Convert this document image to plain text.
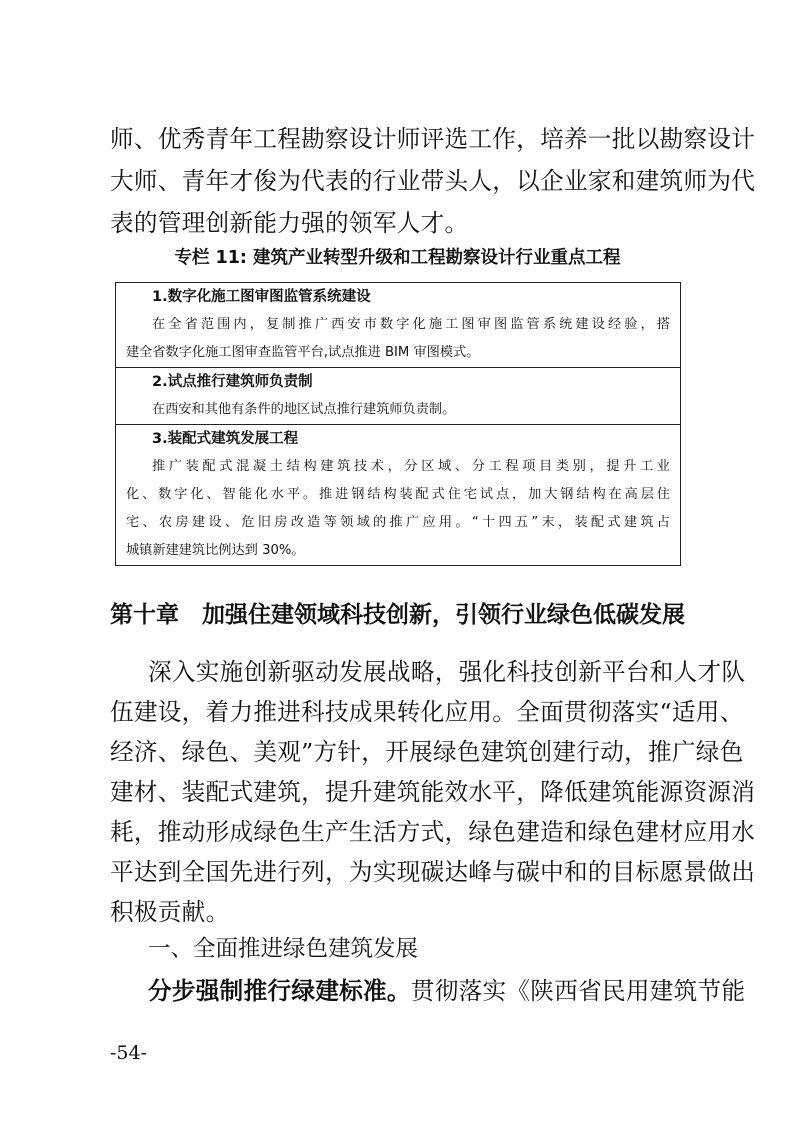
师、优秀青年工程勘察设计师评选工作，培养一批以勘察设计
大师、青年才俊为代表的行业带头人，以企业家和建筑师为代
表的管理创新能力强的领军人才。
专栏 11: 建筑产业转型升级和工程勘察设计行业重点工程
1.数字化施工图审图监管系统建设
在全省范围内，复制推广西安市数字化施工图审图监管系统建设经验，搭
建全省数字化施工图审查监管平台,试点推进 BIM 审图模式。
2.试点推行建筑师负责制
在西安和其他有条件的地区试点推行建筑师负责制。
3.装配式建筑发展工程
推广装配式混凝土结构建筑技术，分区域、分工程项目类别，提升工业
化、数字化、智能化水平。推进钢结构装配式住宅试点，加大钢结构在高层住
宅、农房建设、危旧房改造等领域的推广应用。“十四五”末，装配式建筑占
城镇新建建筑比例达到 30%。
第十章　加强住建领域科技创新，引领行业绿色低碳发展
深入实施创新驱动发展战略，强化科技创新平台和人才队
伍建设，着力推进科技成果转化应用。全面贯彻落实“适用、
经济、绿色、美观”方针，开展绿色建筑创建行动，推广绿色
建材、装配式建筑，提升建筑能效水平，降低建筑能源资源消
耗，推动形成绿色生产生活方式，绿色建造和绿色建材应用水
平达到全国先进行列，为实现碳达峰与碳中和的目标愿景做出
积极贡献。
一、全面推进绿色建筑发展
分步强制推行绿建标准。贯彻落实《陕西省民用建筑节能
-54-
